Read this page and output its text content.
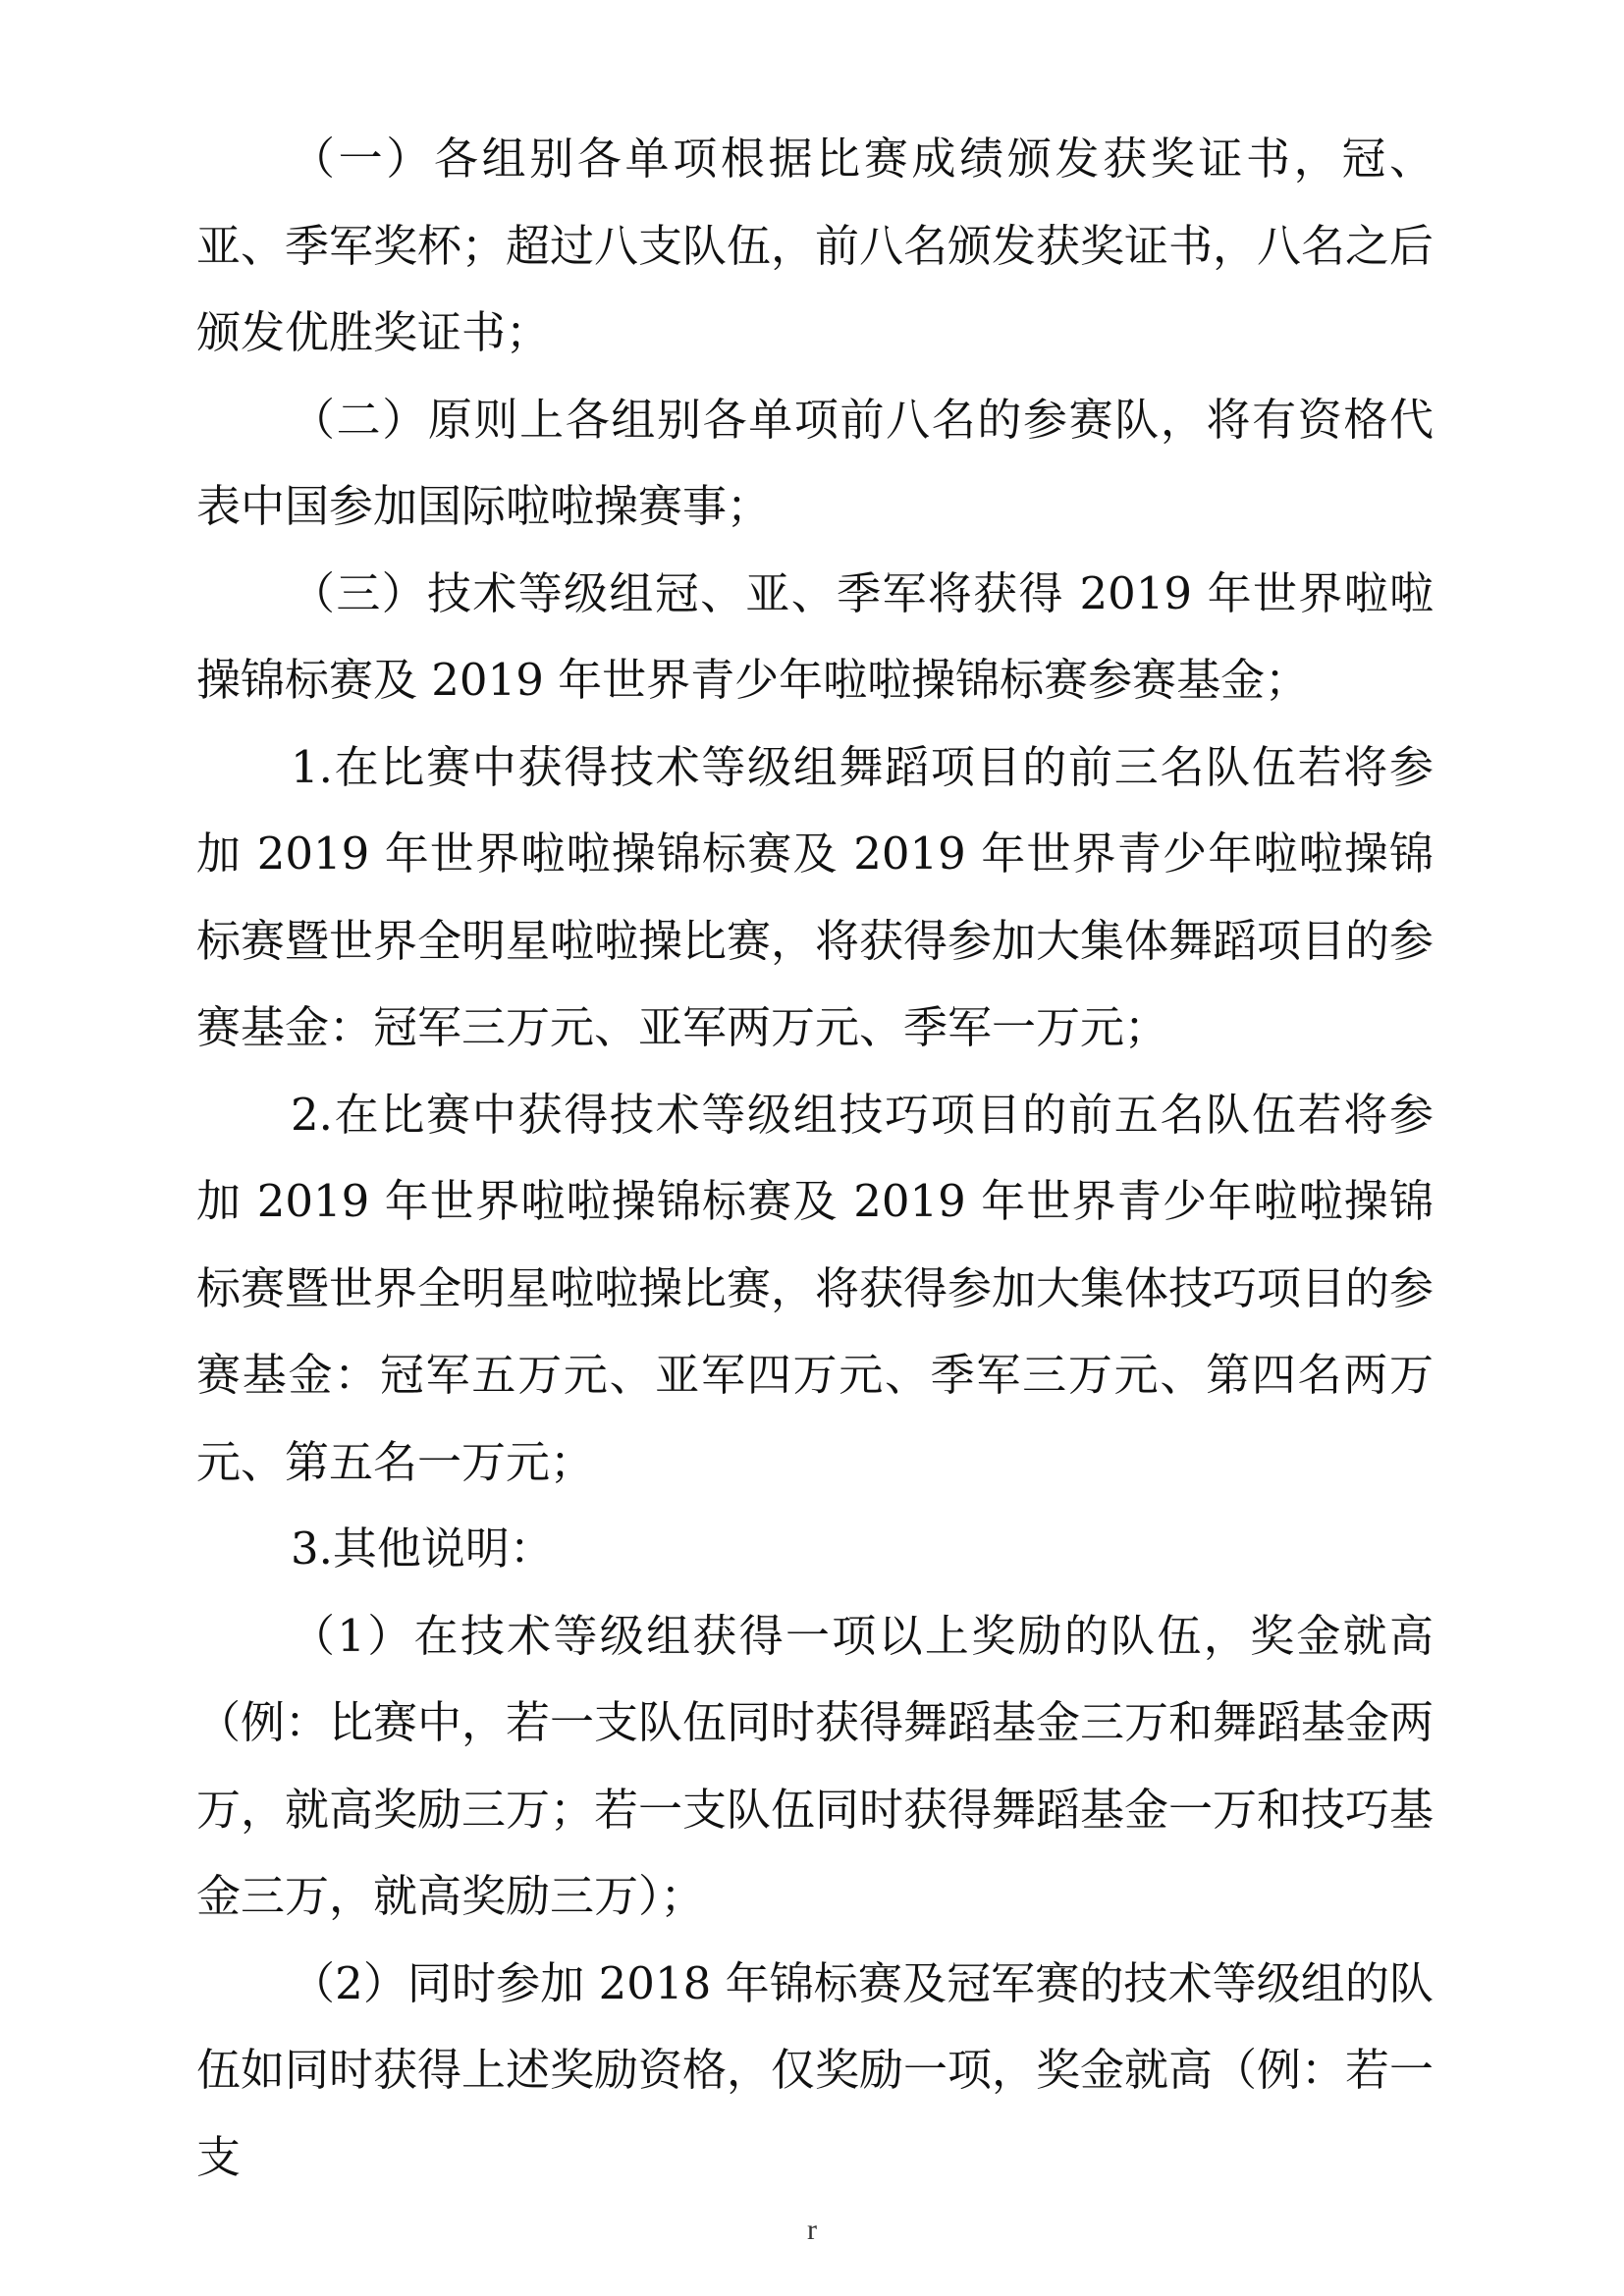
（一）各组别各单项根据比赛成绩颁发获奖证书，冠、亚、季军奖杯；超过八支队伍，前八名颁发获奖证书，八名之后颁发优胜奖证书；

（二）原则上各组别各单项前八名的参赛队，将有资格代表中国参加国际啦啦操赛事；

（三）技术等级组冠、亚、季军将获得 2019 年世界啦啦操锦标赛及 2019 年世界青少年啦啦操锦标赛参赛基金；

1.在比赛中获得技术等级组舞蹈项目的前三名队伍若将参加 2019 年世界啦啦操锦标赛及 2019 年世界青少年啦啦操锦标赛暨世界全明星啦啦操比赛，将获得参加大集体舞蹈项目的参赛基金：冠军三万元、亚军两万元、季军一万元；

2.在比赛中获得技术等级组技巧项目的前五名队伍若将参加 2019 年世界啦啦操锦标赛及 2019 年世界青少年啦啦操锦标赛暨世界全明星啦啦操比赛，将获得参加大集体技巧项目的参赛基金：冠军五万元、亚军四万元、季军三万元、第四名两万元、第五名一万元；

3.其他说明：

（1）在技术等级组获得一项以上奖励的队伍，奖金就高（例：比赛中，若一支队伍同时获得舞蹈基金三万和舞蹈基金两万，就高奖励三万；若一支队伍同时获得舞蹈基金一万和技巧基金三万，就高奖励三万）；

（2）同时参加 2018 年锦标赛及冠军赛的技术等级组的队伍如同时获得上述奖励资格，仅奖励一项，奖金就高（例：若一支

r
